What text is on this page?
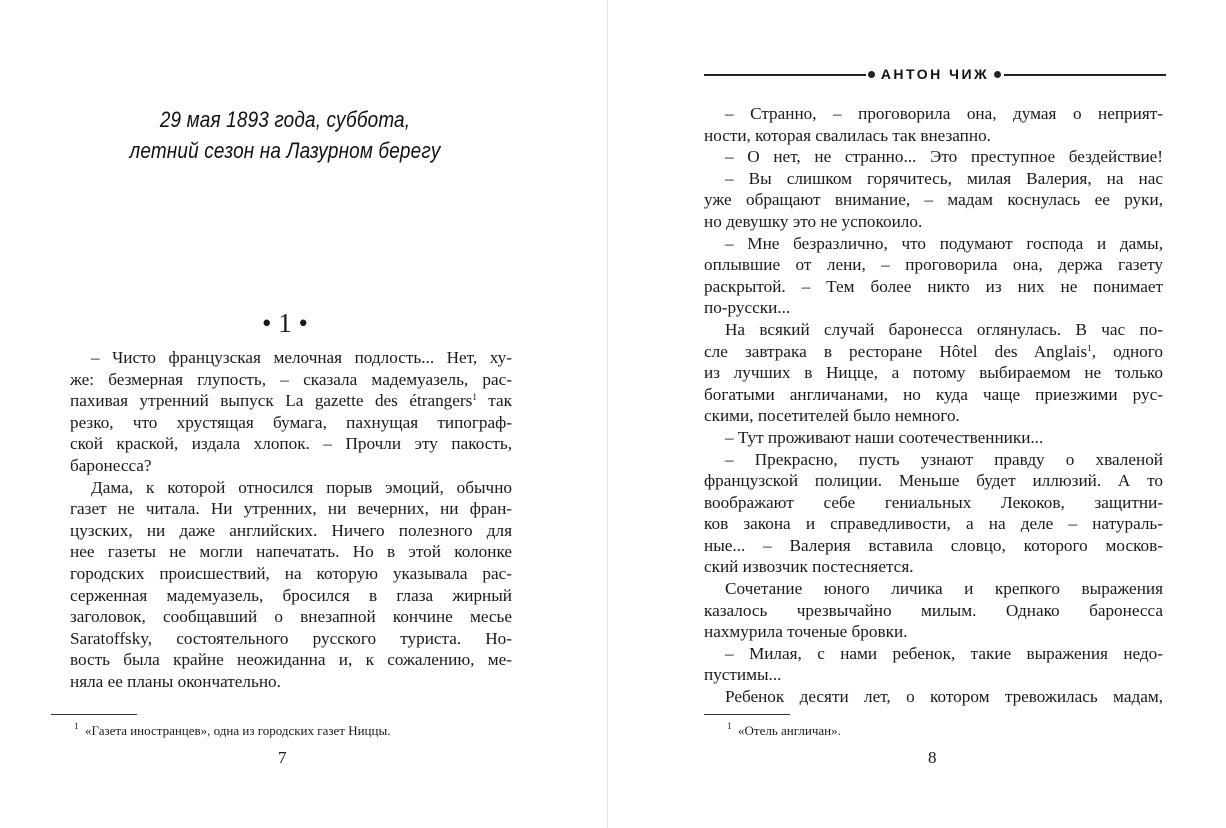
29 мая 1893 года, суббота,
летний сезон на Лазурном берегу
• 1 •
– Чисто французская мелочная подлость... Нет, ху-
же: безмерная глупость, – сказала мадемуазель, рас-
пахивая утренний выпуск La gazette des étrangers$^1$ так
резко, что хрустящая бумага, пахнущая типограф-
ской краской, издала хлопок. – Прочли эту пакость,
баронесса?
Дама, к которой относился порыв эмоций, обычно
газет не читала. Ни утренних, ни вечерних, ни фран-
цузских, ни даже английских. Ничего полезного для
нее газеты не могли напечатать. Но в этой колонке
городских происшествий, на которую указывала рас-
серженная мадемуазель, бросился в глаза жирный
заголовок, сообщавший о внезапной кончине месье
Saratoffsky, состоятельного русского туриста. Но-
вость была крайне неожиданна и, к сожалению, ме-
няла ее планы окончательно.
$^1$ «Газета иностранцев», одна из городских газет Ниццы.
7
АНТОН ЧИЖ
– Странно, – проговорила она, думая о неприят-
ности, которая свалилась так внезапно.
– О нет, не странно... Это преступное бездействие!
– Вы слишком горячитесь, милая Валерия, на нас
уже обращают внимание, – мадам коснулась ее руки,
но девушку это не успокоило.
– Мне безразлично, что подумают господа и дамы,
оплывшие от лени, – проговорила она, держа газету
раскрытой. – Тем более никто из них не понимает
по-русски...
На всякий случай баронесса оглянулась. В час по-
сле завтрака в ресторане Hôtel des Anglais$^1$, одного
из лучших в Ницце, а потому выбираемом не только
богатыми англичанами, но куда чаще приезжими рус-
скими, посетителей было немного.
– Тут проживают наши соотечественники...
– Прекрасно, пусть узнают правду о хваленой
французской полиции. Меньше будет иллюзий. А то
воображают себе гениальных Лекоков, защитни-
ков закона и справедливости, а на деле – натураль-
ные... – Валерия вставила словцо, которого москов-
ский извозчик постесняется.
Сочетание юного личика и крепкого выражения
казалось чрезвычайно милым. Однако баронесса
нахмурила точеные бровки.
– Милая, с нами ребенок, такие выражения недо-
пустимы...
Ребенок десяти лет, о котором тревожилась мадам,
$^1$ «Отель англичан».
8
